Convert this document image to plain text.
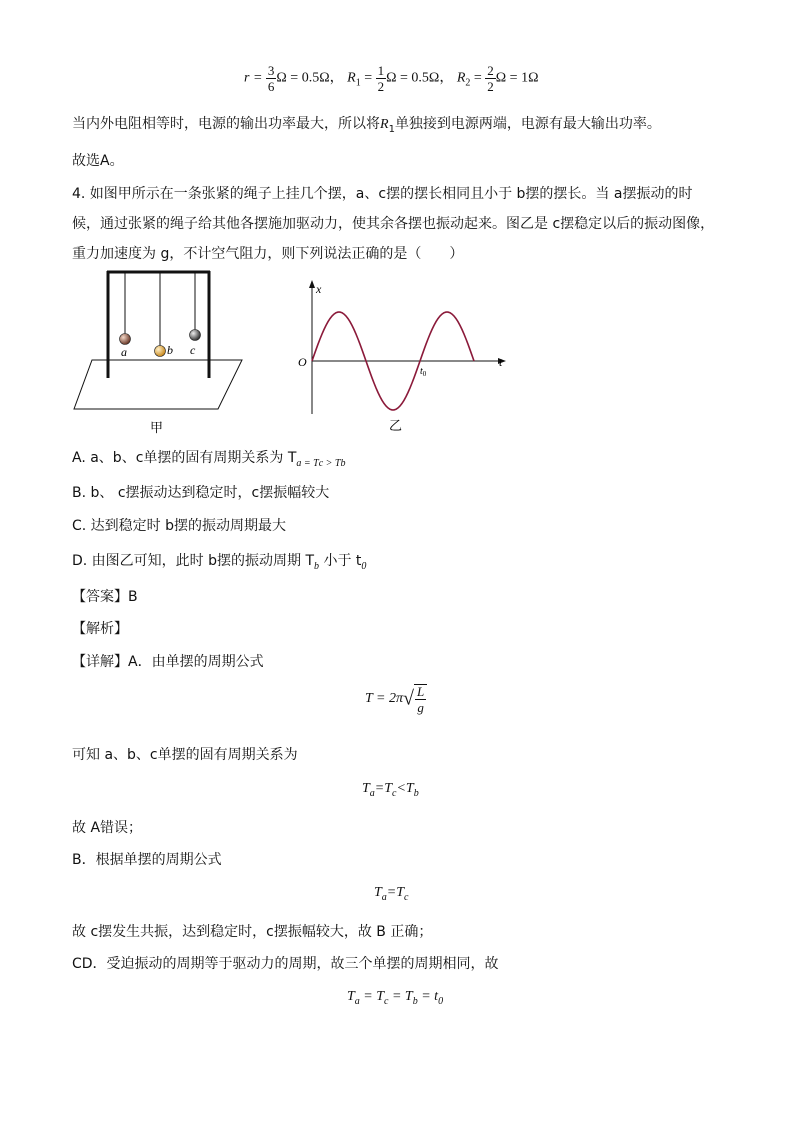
$r = \frac{3}{6}$ Ω = 0.5Ω， $R_1 = \frac{1}{2}$ Ω = 0.5Ω， $R_2 = \frac{2}{2}$ Ω = 1Ω
当内外电阻相等时，电源的输出功率最大，所以将$R_1$单独接到电源两端，电源有最大输出功率。
故选A。
4. 如图甲所示在一条张紧的绳子上挂几个摆，a、c摆的摆长相同且小于 b摆的摆长。当 a摆振动的时
候，通过张紧的绳子给其他各摆施加驱动力，使其余各摆也振动起来。图乙是 c摆稳定以后的振动图像，
重力加速度为 g，不计空气阻力，则下列说法正确的是（　　）
a	b c
甲
x
t
O
$t_0$
乙
A. a、b、c单摆的固有周期关系为 $T_{a = Tc > Tb}$
B. b、 c摆振动达到稳定时，c摆振幅较大
C. 达到稳定时 b摆的振动周期最大
D. 由图乙可知，此时 b摆的振动周期 $T_b$ 小于 $t_0$
【答案】B
【解析】
【详解】A．由单摆的周期公式
$T = 2\pi√ \frac{L}{g}$
可知 a、b、c单摆的固有周期关系为
$T_a=T_c<T_b$
故 A错误；
B．根据单摆的周期公式
$T_a=T_c$
故 c摆发生共振，达到稳定时，c摆振幅较大，故 B 正确；
CD．受迫振动的周期等于驱动力的周期，故三个单摆的周期相同，故
$T_a = T_c = T_b = t_0$
